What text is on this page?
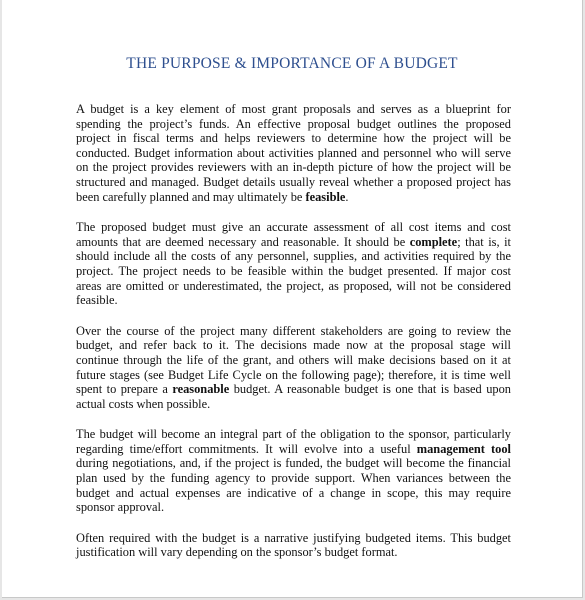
THE PURPOSE & IMPORTANCE OF A BUDGET

A budget is a key element of most grant proposals and serves as a blueprint for spending the project’s funds. An effective proposal budget outlines the proposed project in fiscal terms and helps reviewers to determine how the project will be conducted. Budget information about activities planned and personnel who will serve on the project provides reviewers with an in-depth picture of how the project will be structured and managed. Budget details usually reveal whether a proposed project has been carefully planned and may ultimately be feasible.

The proposed budget must give an accurate assessment of all cost items and cost amounts that are deemed necessary and reasonable. It should be complete; that is, it should include all the costs of any personnel, supplies, and activities required by the project. The project needs to be feasible within the budget presented. If major cost areas are omitted or underestimated, the project, as proposed, will not be considered feasible.

Over the course of the project many different stakeholders are going to review the budget, and refer back to it. The decisions made now at the proposal stage will continue through the life of the grant, and others will make decisions based on it at future stages (see Budget Life Cycle on the following page); therefore, it is time well spent to prepare a reasonable budget. A reasonable budget is one that is based upon actual costs when possible.

The budget will become an integral part of the obligation to the sponsor, particularly regarding time/effort commitments. It will evolve into a useful management tool during negotiations, and, if the project is funded, the budget will become the financial plan used by the funding agency to provide support. When variances between the budget and actual expenses are indicative of a change in scope, this may require sponsor approval.

Often required with the budget is a narrative justifying budgeted items. This budget justification will vary depending on the sponsor’s budget format.
